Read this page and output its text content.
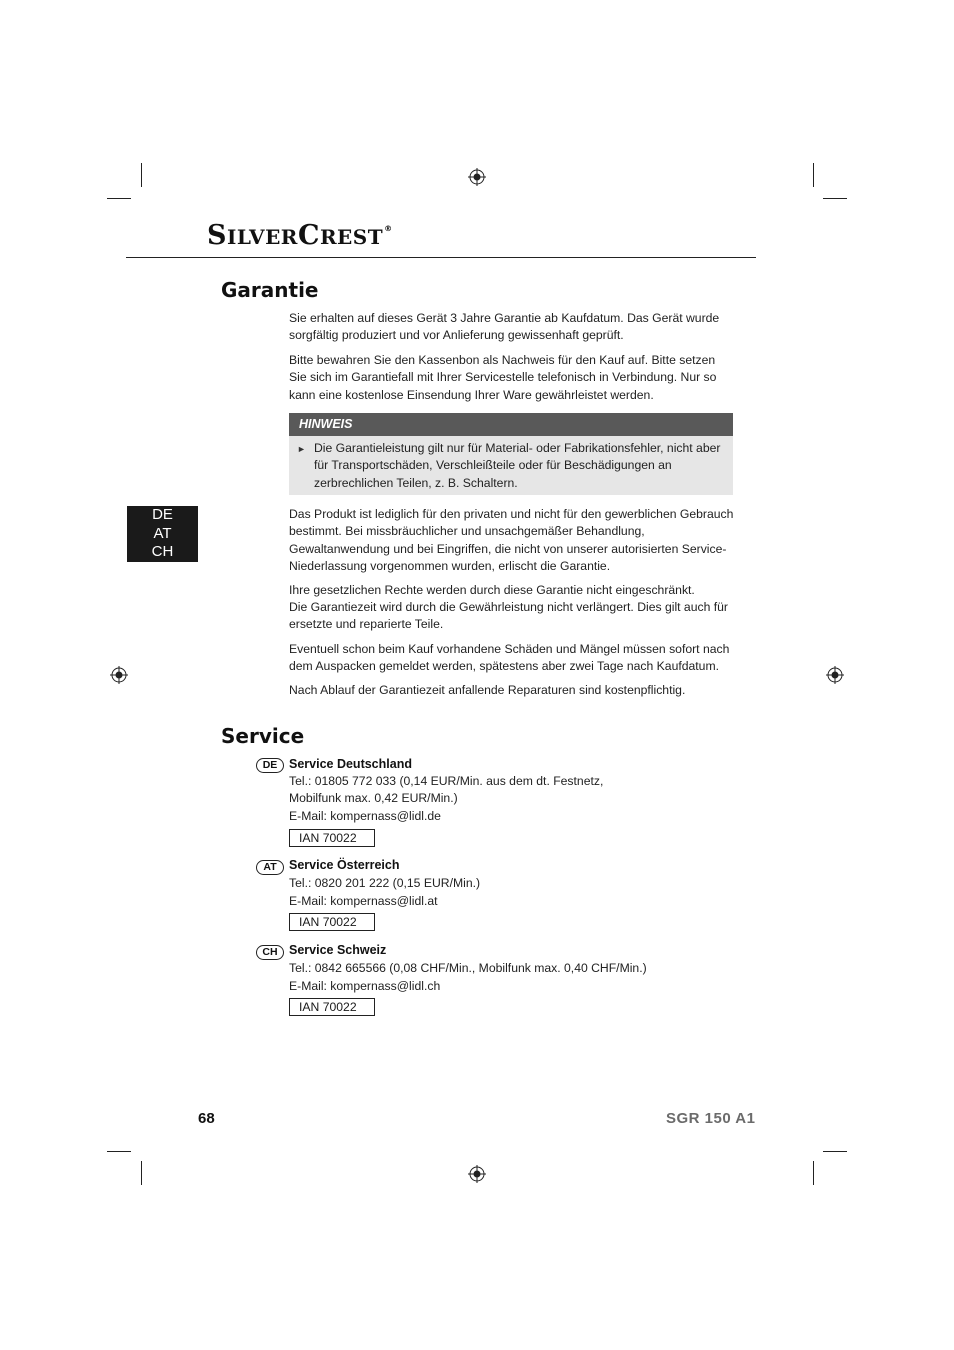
SILVERCREST®
Garantie

Sie erhalten auf dieses Gerät 3 Jahre Garantie ab Kaufdatum. Das Gerät wurde sorgfältig produziert und vor Anlieferung gewissenhaft geprüft.

Bitte bewahren Sie den Kassenbon als Nachweis für den Kauf auf. Bitte setzen Sie sich im Garantiefall mit Ihrer Servicestelle telefonisch in Verbindung. Nur so kann eine kostenlose Einsendung Ihrer Ware gewährleistet werden.

HINWEIS
► Die Garantieleistung gilt nur für Material- oder Fabrikationsfehler, nicht aber für Transportschäden, Verschleißteile oder für Beschädigungen an zerbrechlichen Teilen, z. B. Schaltern.

DE
AT
CH

Das Produkt ist lediglich für den privaten und nicht für den gewerblichen Gebrauch bestimmt. Bei missbräuchlicher und unsachgemäßer Behandlung, Gewaltanwendung und bei Eingriffen, die nicht von unserer autorisierten Service-Niederlassung vorgenommen wurden, erlischt die Garantie.

Ihre gesetzlichen Rechte werden durch diese Garantie nicht eingeschränkt.

Die Garantiezeit wird durch die Gewährleistung nicht verlängert. Dies gilt auch für ersetzte und reparierte Teile.

Eventuell schon beim Kauf vorhandene Schäden und Mängel müssen sofort nach dem Auspacken gemeldet werden, spätestens aber zwei Tage nach Kaufdatum.

Nach Ablauf der Garantiezeit anfallende Reparaturen sind kostenpflichtig.

Service
DE Service Deutschland

Tel.: 01805 772 033 (0,14 EUR/Min. aus dem dt. Festnetz,

Mobilfunk max. 0,42 EUR/Min.)

E-Mail: kompernass@lidl.de

IAN 70022
AT Service Österreich

Tel.: 0820 201 222 (0,15 EUR/Min.)

E-Mail: kompernass@lidl.at

IAN 70022
CH Service Schweiz

Tel.: 0842 665566 (0,08 CHF/Min., Mobilfunk max. 0,40 CHF/Min.)

E-Mail: kompernass@lidl.ch

IAN 70022
68	SGR 150 A1
